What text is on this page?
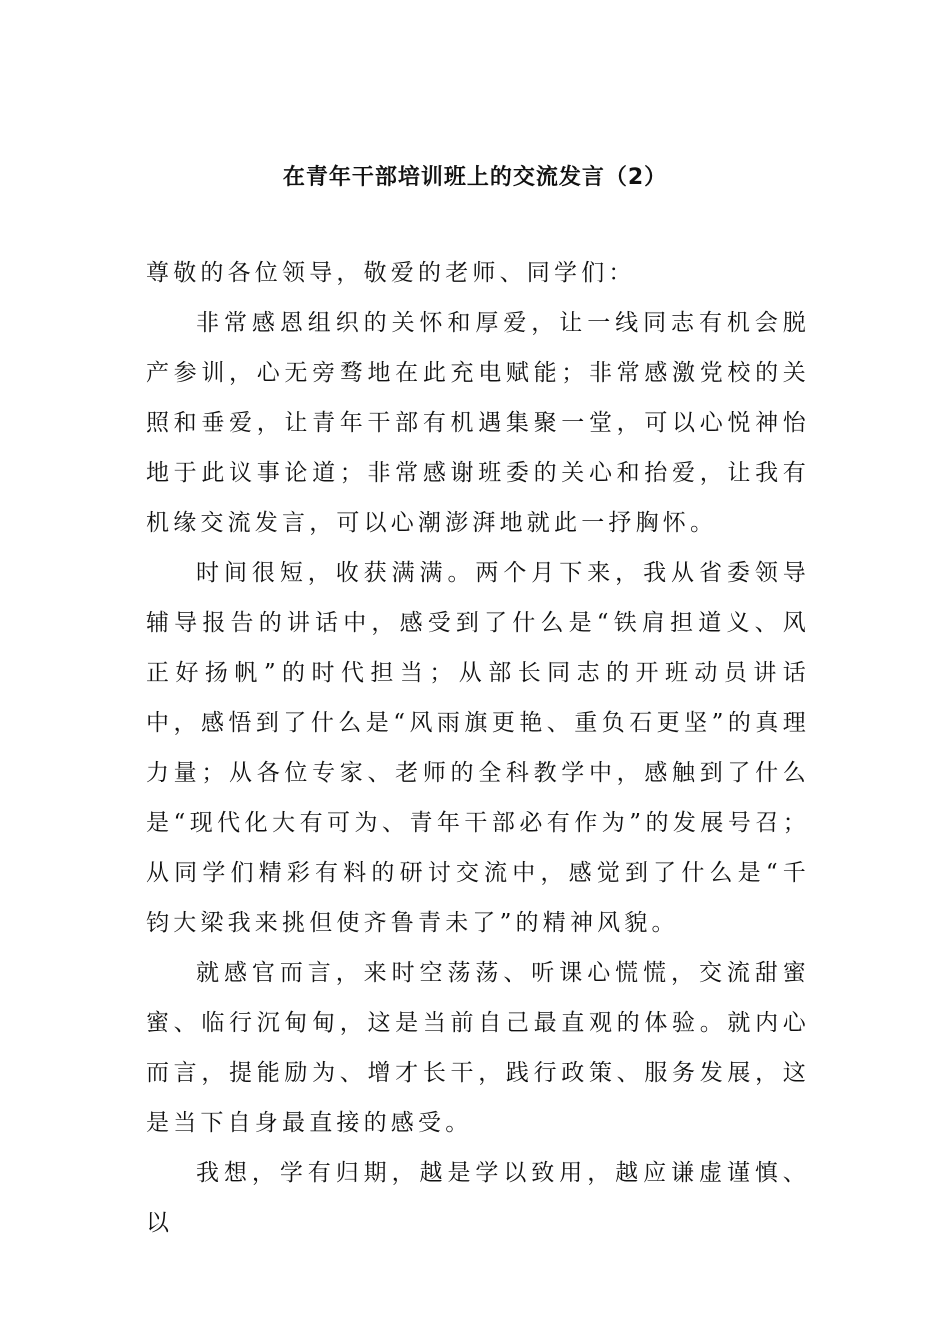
在青年干部培训班上的交流发言（2）

尊敬的各位领导，敬爱的老师、同学们：

非常感恩组织的关怀和厚爱，让一线同志有机会脱产参训，心无旁骛地在此充电赋能；非常感激党校的关照和垂爱，让青年干部有机遇集聚一堂，可以心悦神怡地于此议事论道；非常感谢班委的关心和抬爱，让我有机缘交流发言，可以心潮澎湃地就此一抒胸怀。

时间很短，收获满满。两个月下来，我从省委领导辅导报告的讲话中，感受到了什么是“铁肩担道义、风正好扬帆”的时代担当；从部长同志的开班动员讲话中，感悟到了什么是“风雨旗更艳、重负石更坚”的真理力量；从各位专家、老师的全科教学中，感触到了什么是“现代化大有可为、青年干部必有作为”的发展号召；从同学们精彩有料的研讨交流中，感觉到了什么是“千钧大梁我来挑但使齐鲁青未了”的精神风貌。

就感官而言，来时空荡荡、听课心慌慌，交流甜蜜蜜、临行沉甸甸，这是当前自己最直观的体验。就内心而言，提能励为、增才长干，践行政策、服务发展，这是当下自身最直接的感受。

我想，学有归期，越是学以致用，越应谦虚谨慎、以
